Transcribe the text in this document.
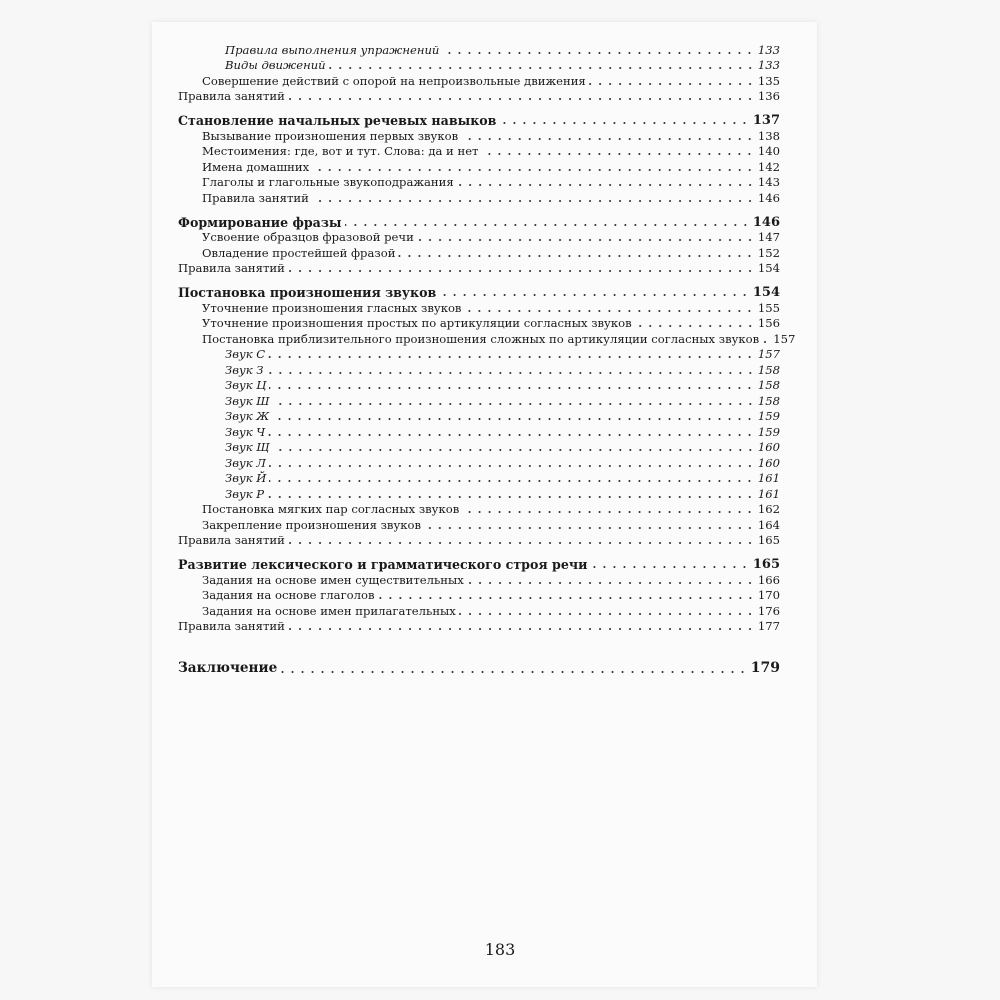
Правила выполнения упражнений	133
Виды движений	133
Совершение действий с опорой на непроизвольные движения	135
Правила занятий	136
Становление начальных речевых навыков	137
Вызывание произношения первых звуков	138
Местоимения: где, вот и тут. Слова: да и нет	140
Имена домашних	142
Глаголы и глагольные звукоподражания	143
Правила занятий	146
Формирование фразы	146
Усвоение образцов фразовой речи	147
Овладение простейшей фразой	152
Правила занятий	154
Постановка произношения звуков	154
Уточнение произношения гласных звуков	155
Уточнение произношения простых по артикуляции согласных звуков	156
Постановка приблизительного произношения сложных по артикуляции согласных звуков 157
Звук С	157
Звук З	158
Звук Ц	158
Звук Ш	158
Звук Ж	159
Звук Ч	159
Звук Щ	160
Звук Л	160
Звук Й	161
Звук Р	161
Постановка мягких пар согласных звуков	162
Закрепление произношения звуков	164
Правила занятий	165
Развитие лексического и грамматического строя речи	165
Задания на основе имен существительных	166
Задания на основе глаголов	170
Задания на основе имен прилагательных	176
Правила занятий	177
Заключение	179
183
